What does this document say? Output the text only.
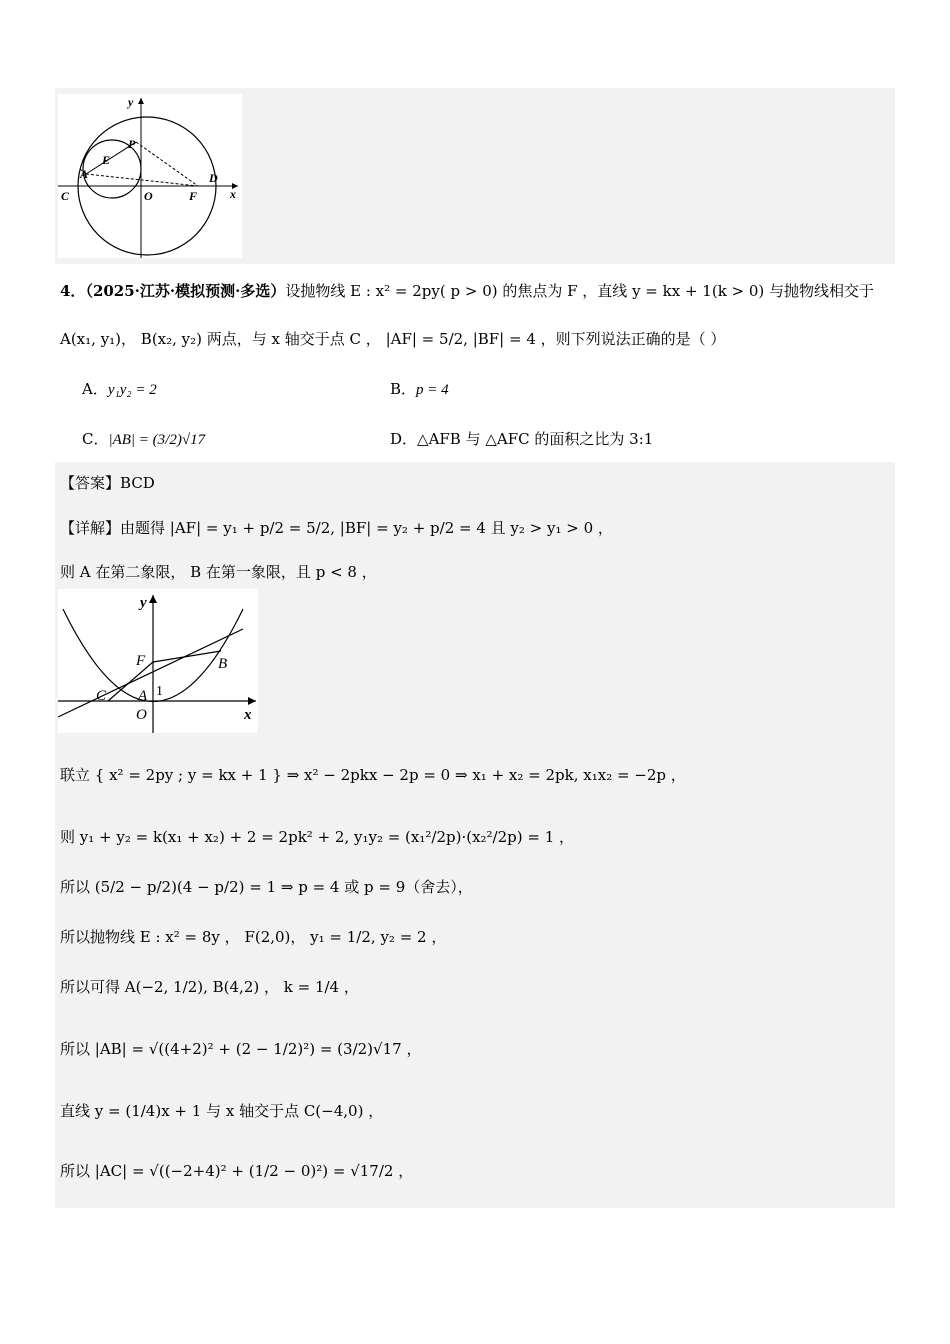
y
P
E
A
C	O	F
D
x
4．（2025·江苏·模拟预测·多选）设抛物线 E : x² = 2py( p > 0) 的焦点为 F ，直线 y = kx + 1(k > 0) 与抛物线相交于
A(x₁, y₁)， B(x₂, y₂) 两点，与 x 轴交于点 C ， |AF| = 5/2, |BF| = 4 ，则下列说法正确的是（ ）
A．y₁y₂ = 2	B．p = 4
C．|AB| = (3/2)√17	D．△AFB 与 △AFC 的面积之比为 3:1
【答案】BCD
【详解】由题得 |AF| = y₁ + p/2 = 5/2, |BF| = y₂ + p/2 = 4 且 y₂ > y₁ > 0 ，
则 A 在第二象限， B 在第一象限，且 p < 8 ，
y
F	B
C A 1
O	x
联立 { x² = 2py ; y = kx + 1 } ⇒ x² − 2pkx − 2p = 0 ⇒ x₁ + x₂ = 2pk, x₁x₂ = −2p ，
则 y₁ + y₂ = k(x₁ + x₂) + 2 = 2pk² + 2, y₁y₂ = (x₁²/2p)·(x₂²/2p) = 1 ，
所以 (5/2 − p/2)(4 − p/2) = 1 ⇒ p = 4 或 p = 9（舍去），
所以抛物线 E : x² = 8y ， F(2,0)， y₁ = 1/2, y₂ = 2 ，
所以可得 A(−2, 1/2), B(4,2) ， k = 1/4 ，
所以 |AB| = √((4+2)² + (2 − 1/2)²) = (3/2)√17 ，
直线 y = (1/4)x + 1 与 x 轴交于点 C(−4,0) ，
所以 |AC| = √((−2+4)² + (1/2 − 0)²) = √17/2 ，
